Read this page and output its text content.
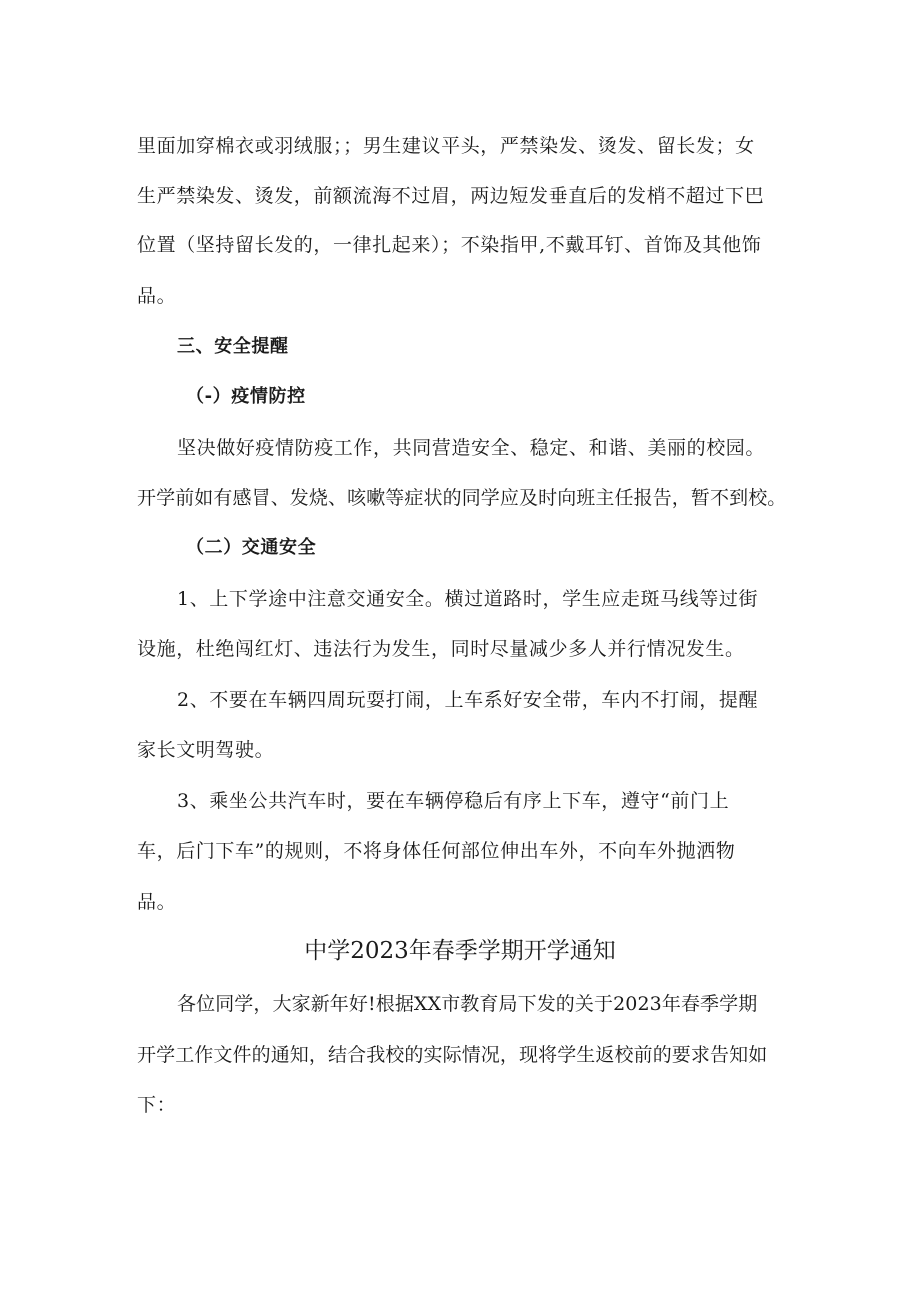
里面加穿棉衣或羽绒服；；男生建议平头，严禁染发、烫发、留长发；女
生严禁染发、烫发，前额流海不过眉，两边短发垂直后的发梢不超过下巴
位置（坚持留长发的，一律扎起来）；不染指甲,不戴耳钉、首饰及其他饰
品。
三、安全提醒
（-）疫情防控
坚决做好疫情防疫工作，共同营造安全、稳定、和谐、美丽的校园。
开学前如有感冒、发烧、咳嗽等症状的同学应及时向班主任报告，暂不到校。
（二）交通安全
1、上下学途中注意交通安全。横过道路时，学生应走斑马线等过街
设施，杜绝闯红灯、违法行为发生，同时尽量减少多人并行情况发生。
2、不要在车辆四周玩耍打闹，上车系好安全带，车内不打闹，提醒
家长文明驾驶。
3、乘坐公共汽车时，要在车辆停稳后有序上下车，遵守“前门上
车，后门下车”的规则，不将身体任何部位伸出车外，不向车外抛洒物
品。
中学2023年春季学期开学通知
各位同学，大家新年好!根据XX市教育局下发的关于2023年春季学期
开学工作文件的通知，结合我校的实际情况，现将学生返校前的要求告知如
下：
